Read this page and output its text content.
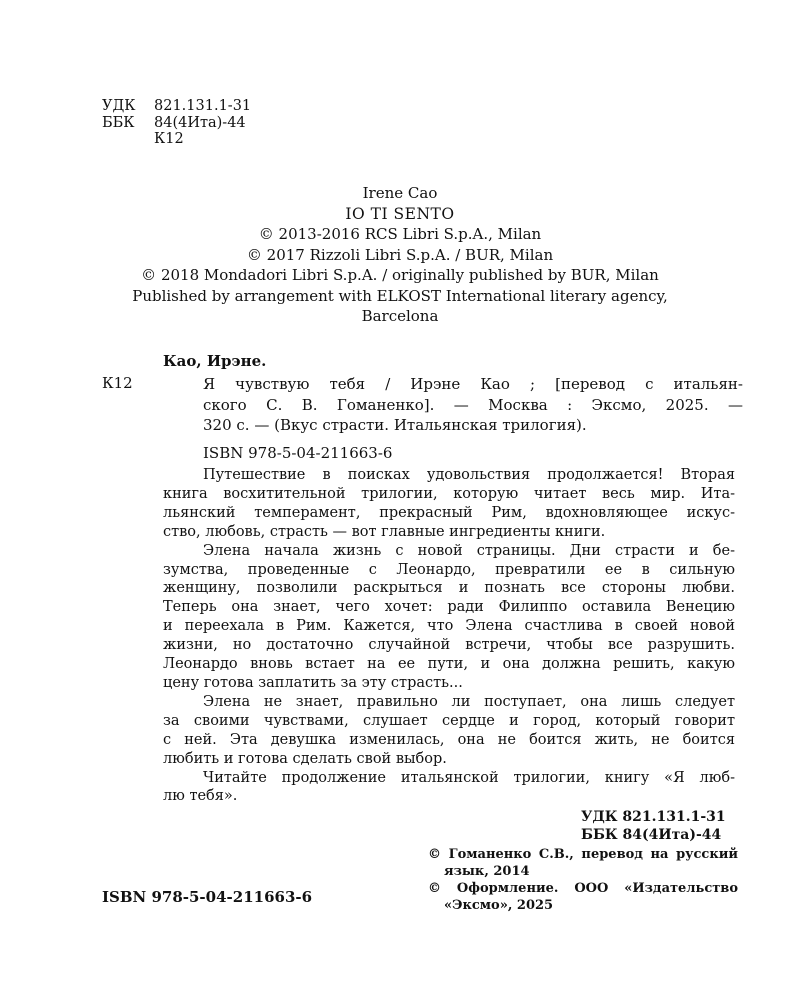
УДК	821.131.1-31
ББК	84(4Ита)-44
К12
Irene Cao
IO TI SENTO
© 2013-2016 RCS Libri S.p.A., Milan
© 2017 Rizzoli Libri S.p.A. / BUR, Milan
© 2018 Mondadori Libri S.p.A. / originally published by BUR, Milan
Published by arrangement with ELKOST International literary agency,
Barcelona
Као, Ирэне.
К12	Я чувствую тебя / Ирэне Као ; [перевод с итальян-
ского С. В. Гоманенко]. — Москва : Эксмо, 2025. —
320 с. — (Вкус страсти. Итальянская трилогия).
ISBN 978-5-04-211663-6
Путешествие в поисках удовольствия продолжается! Вторая
книга восхитительной трилогии, которую читает весь мир. Ита-
льянский темперамент, прекрасный Рим, вдохновляющее искус-
ство, любовь, страсть — вот главные ингредиенты книги.
Элена начала жизнь с новой страницы. Дни страсти и бе-
зумства, проведенные с Леонардо, превратили ее в сильную
женщину, позволили раскрыться и познать все стороны любви.
Теперь она знает, чего хочет: ради Филиппо оставила Венецию
и переехала в Рим. Кажется, что Элена счастлива в своей новой
жизни, но достаточно случайной встречи, чтобы все разрушить.
Леонардо вновь встает на ее пути, и она должна решить, какую
цену готова заплатить за эту страсть...
Элена не знает, правильно ли поступает, она лишь следует
за своими чувствами, слушает сердце и город, который говорит
с ней. Эта девушка изменилась, она не боится жить, не боится
любить и готова сделать свой выбор.
Читайте продолжение итальянской трилогии, книгу «Я люб-
лю тебя».
УДК 821.131.1-31
ББК 84(4Ита)-44
© Гоманенко С.В., перевод на русский
язык, 2014
© Оформление. ООО «Издательство
«Эксмо», 2025
ISBN 978-5-04-211663-6
